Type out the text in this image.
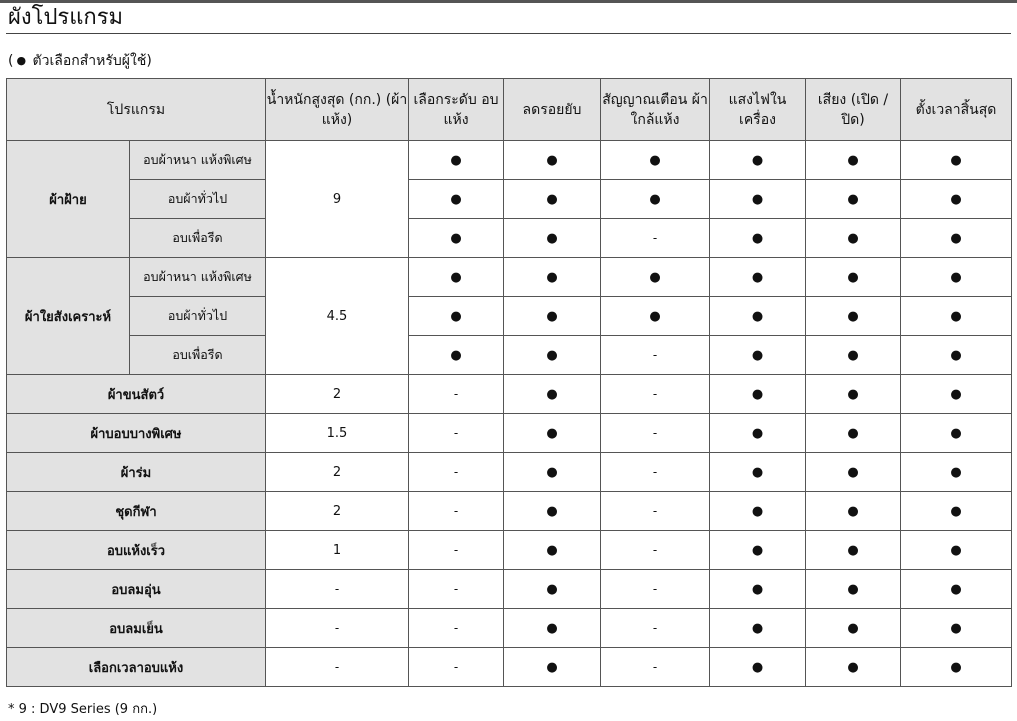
ผังโปรแกรม
( ● ตัวเลือกสำหรับผู้ใช้)
โปรแกรม		น้ำหนักสูงสุด (กก.) (ผ้าแห้ง)	เลือกระดับ อบแห้ง	ลดรอยยับ	สัญญาณเตือน ผ้าใกล้แห้ง	แสงไฟใน เครื่อง	เสียง (เปิด / ปิด)	ตั้งเวลาสิ้นสุด

ผ้าฝ้าย	อบผ้าหนา แห้งพิเศษ	9	●	●	●	●	●	●
	อบผ้าทั่วไป		●	●	●	●	●	●
	อบเพื่อรีด		●	●	-	●	●	●
ผ้าใยสังเคราะห์	อบผ้าหนา แห้งพิเศษ	4.5	●	●	●	●	●	●
	อบผ้าทั่วไป		●	●	●	●	●	●
	อบเพื่อรีด		●	●	-	●	●	●
ผ้าขนสัตว์		2	-	●	-	●	●	●
ผ้าบอบบางพิเศษ		1.5	-	●	-	●	●	●
ผ้าร่ม		2	-	●	-	●	●	●
ชุดกีฬา		2	-	●	-	●	●	●
อบแห้งเร็ว		1	-	●	-	●	●	●
อบลมอุ่น		-	-	●	-	●	●	●
อบลมเย็น		-	-	●	-	●	●	●
เลือกเวลาอบแห้ง		-	-	●	-	●	●	●
* 9 : DV9 Series (9 กก.)
